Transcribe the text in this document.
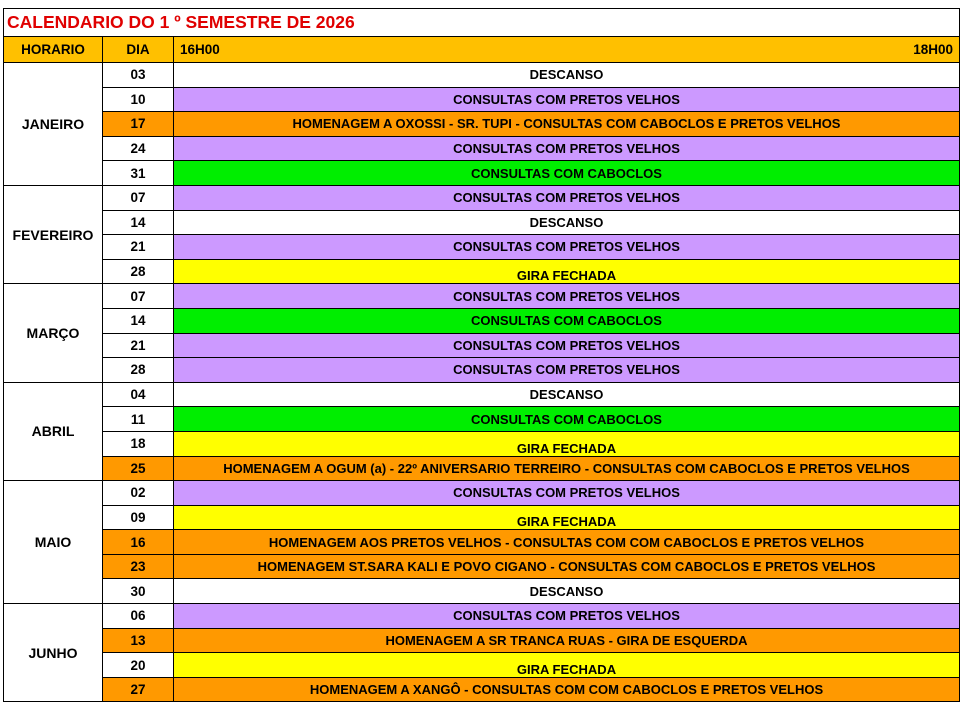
CALENDARIO DO 1 º SEMESTRE DE 2026		
HORARIO	DIA	16H00 18H00

JANEIRO	03	DESCANSO
	10	CONSULTAS COM PRETOS VELHOS
	17	HOMENAGEM A OXOSSI - SR. TUPI - CONSULTAS COM CABOCLOS E PRETOS VELHOS
	24	CONSULTAS COM PRETOS VELHOS
	31	CONSULTAS COM CABOCLOS
FEVEREIRO	07	CONSULTAS COM PRETOS VELHOS
	14	DESCANSO
	21	CONSULTAS COM PRETOS VELHOS
	28	GIRA FECHADA
MARÇO	07	CONSULTAS COM PRETOS VELHOS
	14	CONSULTAS COM CABOCLOS
	21	CONSULTAS COM PRETOS VELHOS
	28	CONSULTAS COM PRETOS VELHOS
ABRIL	04	DESCANSO
	11	CONSULTAS COM CABOCLOS
	18	GIRA FECHADA
	25	HOMENAGEM A OGUM (a) - 22º ANIVERSARIO TERREIRO - CONSULTAS COM CABOCLOS E PRETOS VELHOS
MAIO	02	CONSULTAS COM PRETOS VELHOS
	09	GIRA FECHADA
	16	HOMENAGEM AOS PRETOS VELHOS - CONSULTAS COM COM CABOCLOS E PRETOS VELHOS
	23	HOMENAGEM ST.SARA KALI E POVO CIGANO - CONSULTAS COM CABOCLOS E PRETOS VELHOS
	30	DESCANSO
JUNHO	06	CONSULTAS COM PRETOS VELHOS
	13	HOMENAGEM A SR TRANCA RUAS - GIRA DE ESQUERDA
	20	GIRA FECHADA
	27	HOMENAGEM A XANGÔ - CONSULTAS COM COM CABOCLOS E PRETOS VELHOS
